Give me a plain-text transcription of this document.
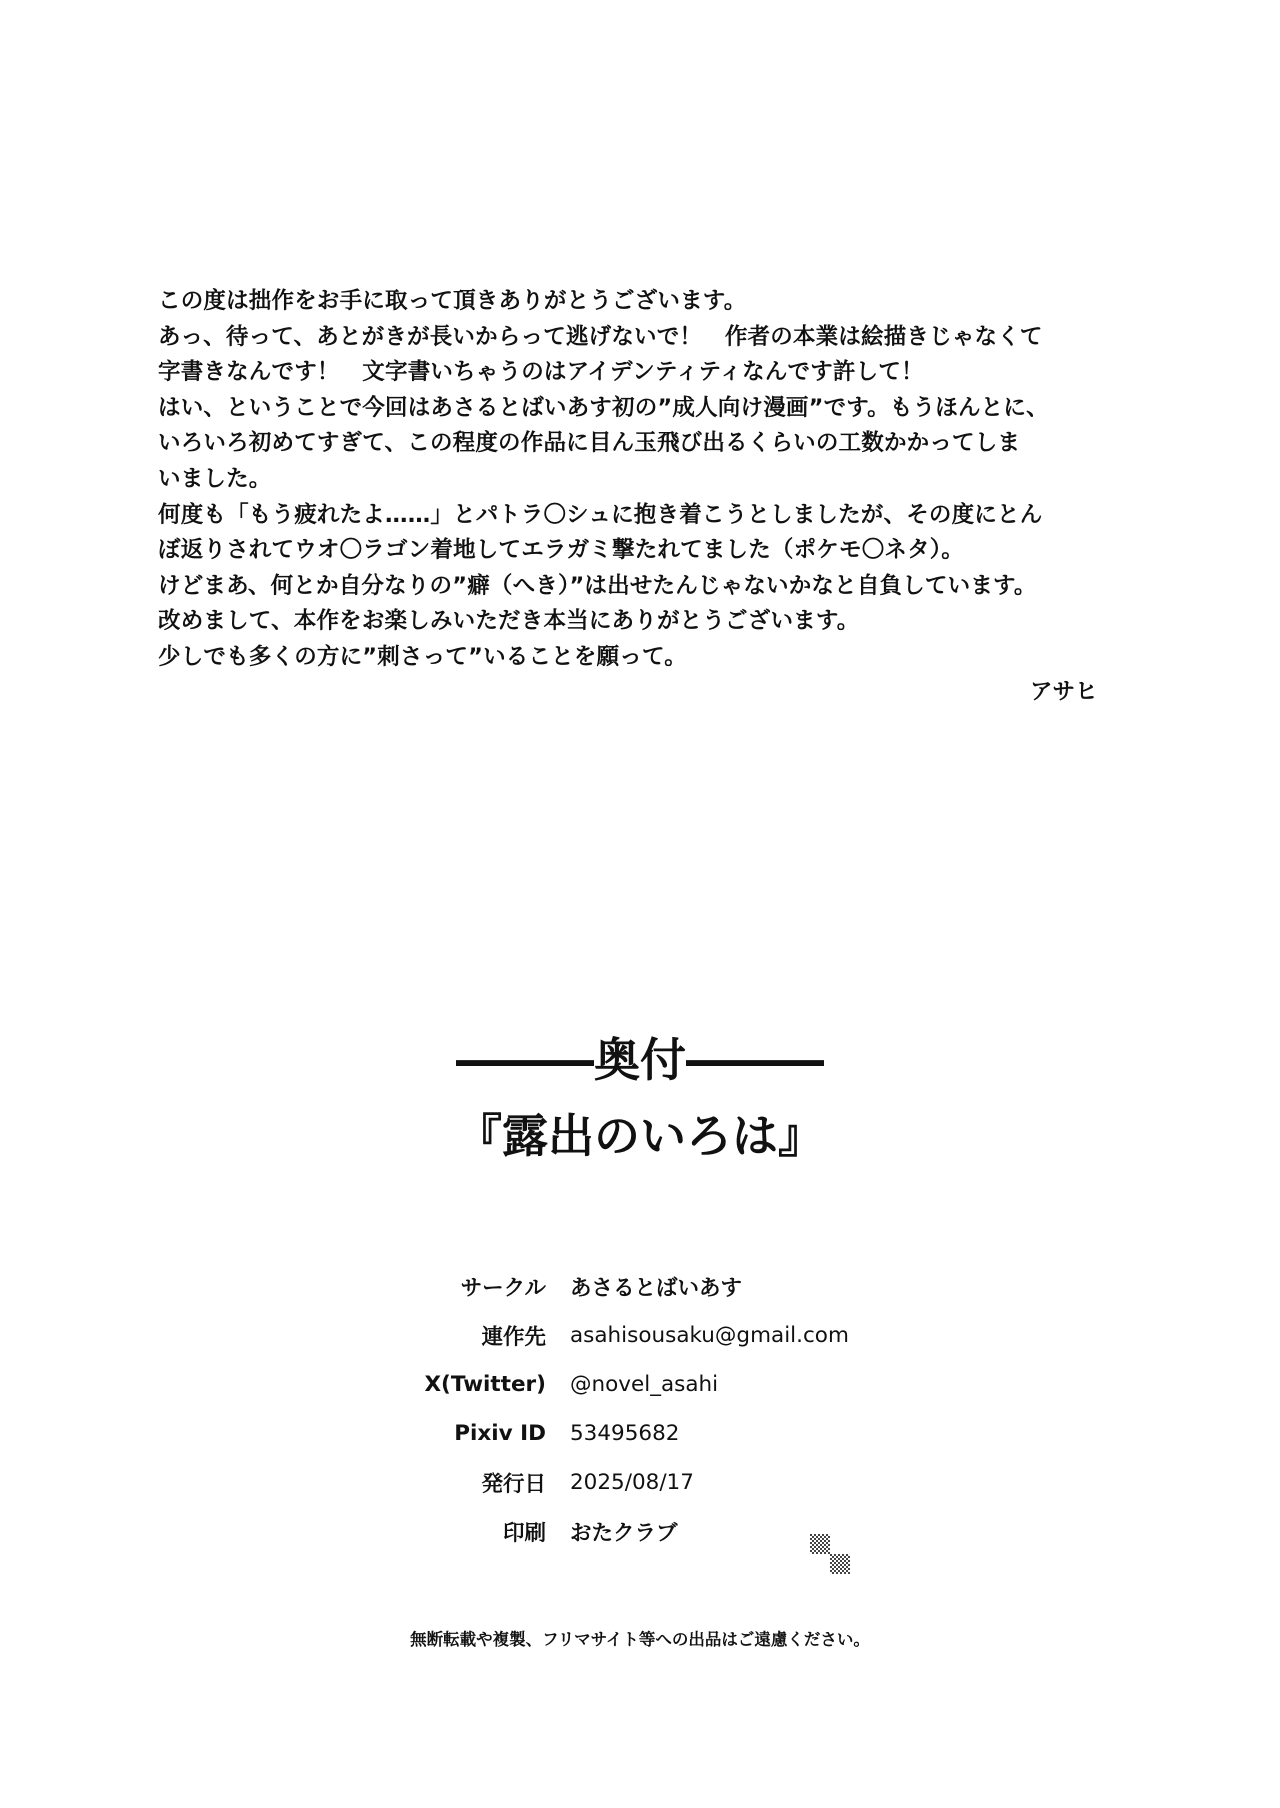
この度は拙作をお手に取って頂きありがとうございます。
あっ、待って、あとがきが長いからって逃げないで！　作者の本業は絵描きじゃなくて
字書きなんです！　文字書いちゃうのはアイデンティティなんです許して！
はい、ということで今回はあさるとばいあす初の”成人向け漫画”です。もうほんとに、
いろいろ初めてすぎて、この程度の作品に目ん玉飛び出るくらいの工数かかってしま
いました。
何度も「もう疲れたよ……」とパトラ〇シュに抱き着こうとしましたが、その度にとん
ぼ返りされてウオ〇ラゴン着地してエラガミ撃たれてました（ポケモ〇ネタ）。
けどまあ、何とか自分なりの”癖（へき）”は出せたんじゃないかなと自負しています。
改めまして、本作をお楽しみいただき本当にありがとうございます。
少しでも多くの方に”刺さって”いることを願って。
アサヒ
―――奥付―――
『露出のいろは』
サークル あさるとばいあす
連作先 asahisousaku@gmail.com
X(Twitter) @novel_asahi
Pixiv ID 53495682
発行日 2025/08/17
印刷 おたクラブ
無断転載や複製、フリマサイト等への出品はご遠慮ください。
